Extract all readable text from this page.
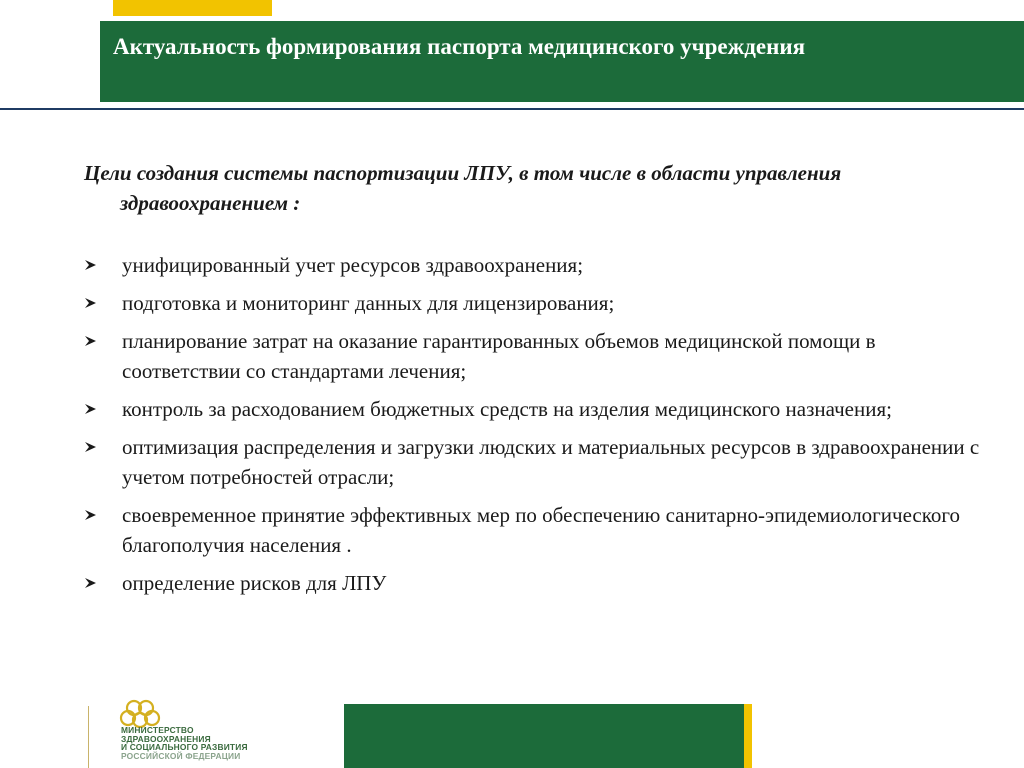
Актуальность формирования паспорта медицинского учреждения

Цели создания системы паспортизации ЛПУ, в том числе в области управления здравоохранением :

унифицированный учет ресурсов здравоохранения;
подготовка и мониторинг данных для лицензирования;
планирование затрат на оказание гарантированных объемов медицинской помощи в соответствии со стандартами лечения;
контроль за расходованием бюджетных средств на изделия медицинского назначения;
оптимизация распределения и загрузки людских и материальных ресурсов в здравоохранении с учетом потребностей отрасли;
своевременное принятие эффективных мер по обеспечению санитарно-эпидемиологического благополучия населения .
определение рисков для ЛПУ
МИНИСТЕРСТВО
ЗДРАВООХРАНЕНИЯ
И СОЦИАЛЬНОГО РАЗВИТИЯ
РОССИЙСКОЙ ФЕДЕРАЦИИ
